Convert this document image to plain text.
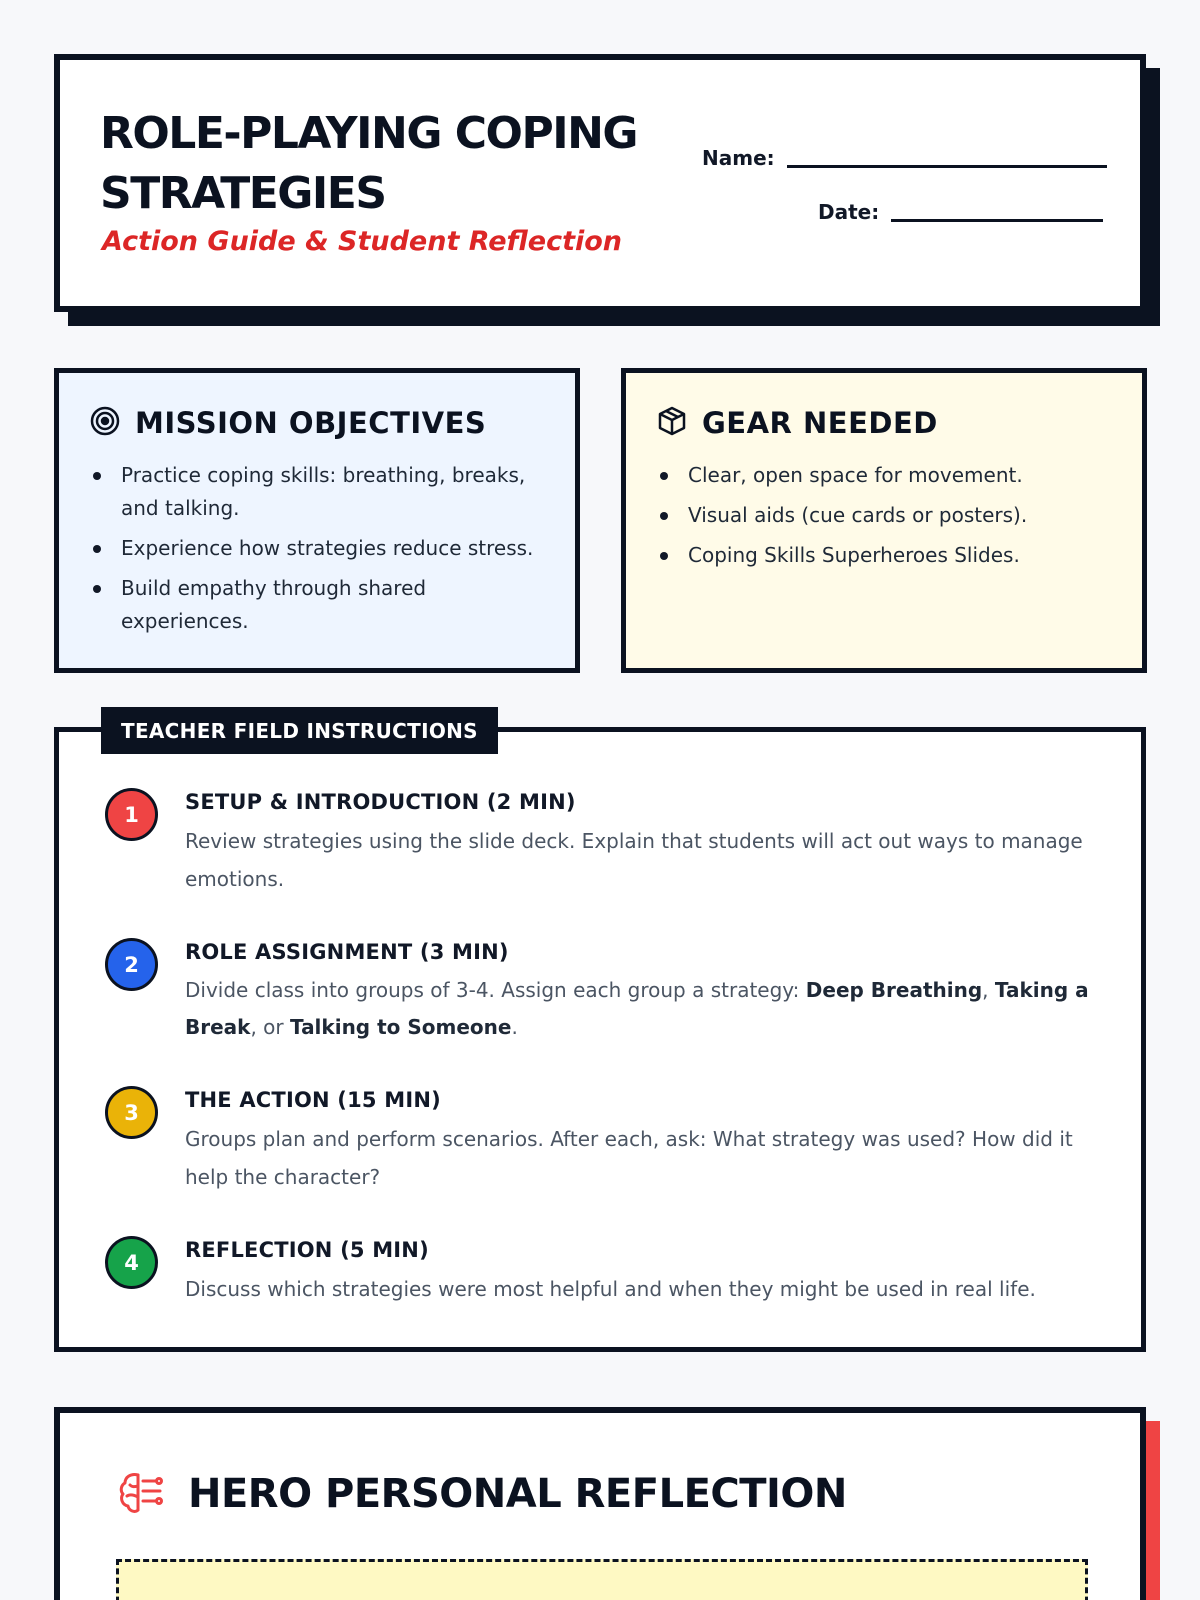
ROLE-PLAYING COPING STRATEGIES
Action Guide & Student Reflection
Name:
Date:
MISSION OBJECTIVES
Practice coping skills: breathing, breaks, and talking.
Experience how strategies reduce stress.
Build empathy through shared experiences.
GEAR NEEDED
Clear, open space for movement.
Visual aids (cue cards or posters).
Coping Skills Superheroes Slides.
1
SETUP & INTRODUCTION (2 MIN)
Review strategies using the slide deck. Explain that students will act out ways to manage emotions.
2
ROLE ASSIGNMENT (3 MIN)
Divide class into groups of 3-4. Assign each group a strategy: Deep Breathing, Taking a Break, or Talking to Someone.
3
THE ACTION (15 MIN)
Groups plan and perform scenarios. After each, ask: What strategy was used? How did it help the character?
4
REFLECTION (5 MIN)
Discuss which strategies were most helpful and when they might be used in real life.
TEACHER FIELD INSTRUCTIONS
HERO PERSONAL REFLECTION
